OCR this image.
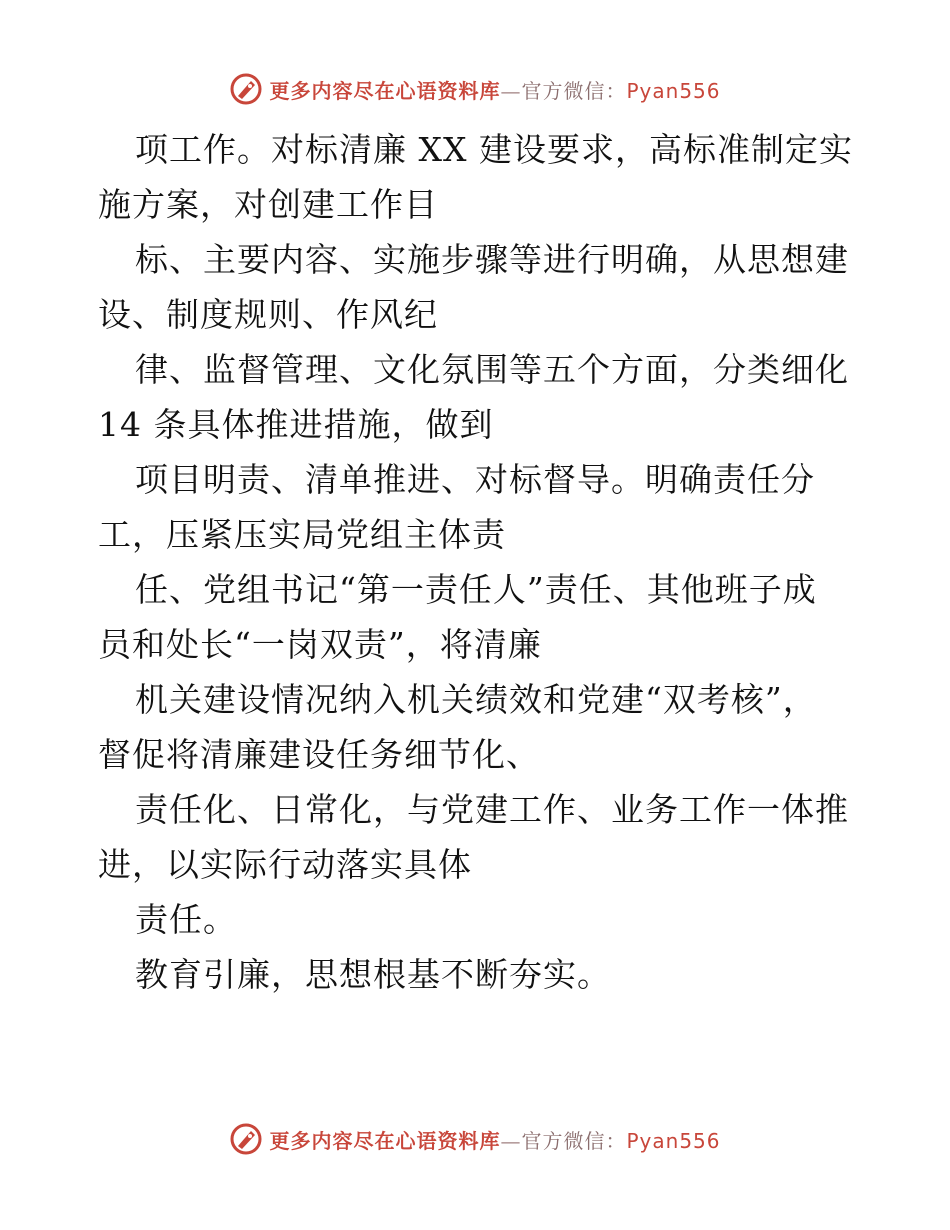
更多内容尽在心语资料库—官方微信：Pyan556
项工作。对标清廉 XX 建设要求，高标准制定实
施方案，对创建工作目
标、主要内容、实施步骤等进行明确，从思想建
设、制度规则、作风纪
律、监督管理、文化氛围等五个方面，分类细化
14 条具体推进措施，做到
项目明责、清单推进、对标督导。明确责任分
工，压紧压实局党组主体责
任、党组书记“第一责任人”责任、其他班子成
员和处长“一岗双责”，将清廉
机关建设情况纳入机关绩效和党建“双考核”，
督促将清廉建设任务细节化、
责任化、日常化，与党建工作、业务工作一体推
进，以实际行动落实具体
责任。
教育引廉，思想根基不断夯实。
更多内容尽在心语资料库—官方微信：Pyan556
